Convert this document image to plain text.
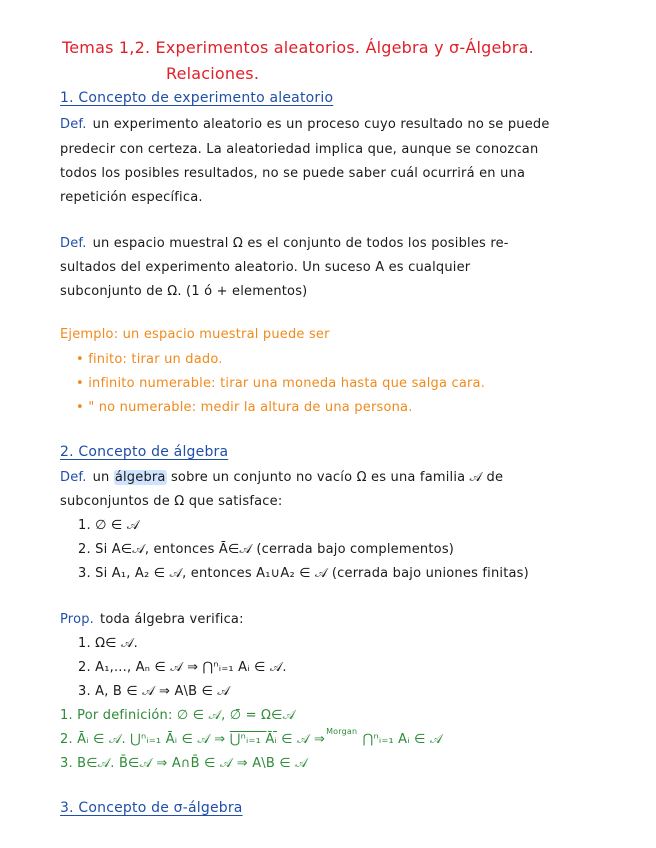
Temas 1,2. Experimentos aleatorios. Álgebra y σ-Álgebra.
Relaciones.
1. Concepto de experimento aleatorio
Def. un experimento aleatorio es un proceso cuyo resultado no se puede
predecir con certeza. La aleatoriedad implica que, aunque se conozcan
todos los posibles resultados, no se puede saber cuál ocurrirá en una
repetición específica.
Def. un espacio muestral Ω es el conjunto de todos los posibles re-
sultados del experimento aleatorio. Un suceso A es cualquier
subconjunto de Ω. (1 ó + elementos)
Ejemplo: un espacio muestral puede ser
• finito: tirar un dado.
• infinito numerable: tirar una moneda hasta que salga cara.
• " no numerable: medir la altura de una persona.
2. Concepto de álgebra
Def. un álgebra sobre un conjunto no vacío Ω es una familia 𝒜 de
subconjuntos de Ω que satisface:
1. ∅ ∈ 𝒜
2. Si A∈𝒜, entonces Ā∈𝒜 (cerrada bajo complementos)
3. Si A₁, A₂ ∈ 𝒜, entonces A₁∪A₂ ∈ 𝒜 (cerrada bajo uniones finitas)
Prop. toda álgebra verifica:
1. Ω∈ 𝒜.
2. A₁,..., Aₙ ∈ 𝒜 ⇒ ⋂ⁿᵢ₌₁ Aᵢ ∈ 𝒜.
3. A, B ∈ 𝒜 ⇒ A\B ∈ 𝒜
1. Por definición: ∅ ∈ 𝒜, ∅̄ = Ω∈𝒜
2. Āᵢ ∈ 𝒜. ⋃ⁿᵢ₌₁ Āᵢ ∈ 𝒜 ⇒ ⋃ⁿᵢ₌₁ Āᵢ ∈ 𝒜 ⇒$^{Morgan}$ ⋂ⁿᵢ₌₁ Aᵢ ∈ 𝒜
3. B∈𝒜. B̄∈𝒜 ⇒ A∩B̄ ∈ 𝒜 ⇒ A\B ∈ 𝒜
3. Concepto de σ-álgebra
